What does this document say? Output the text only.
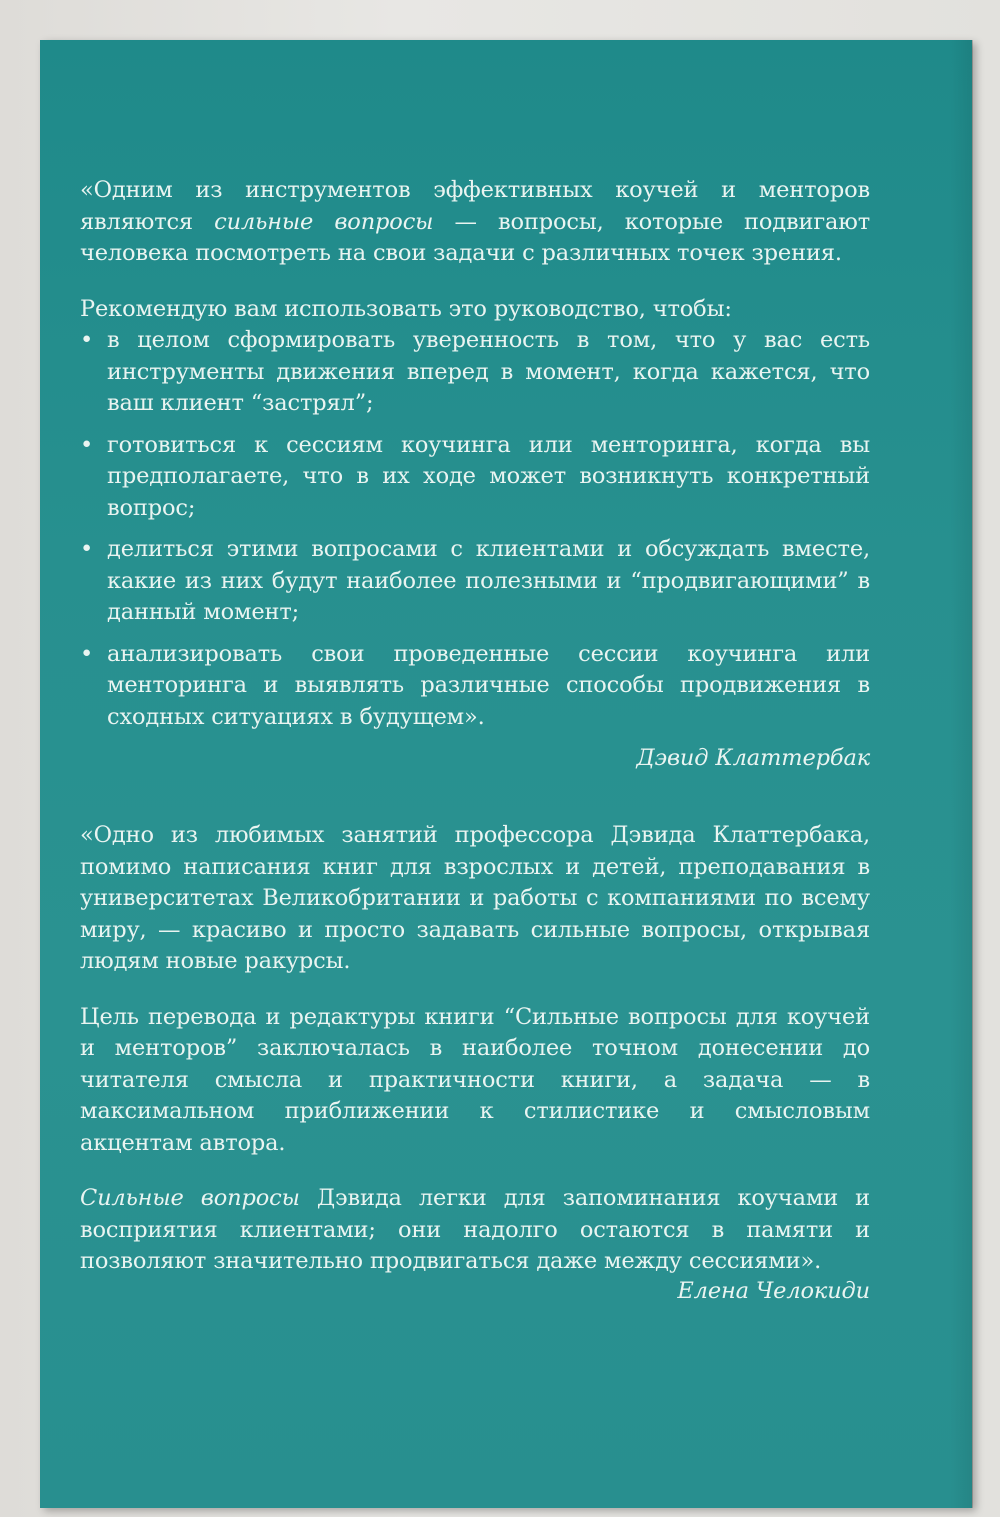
«Одним из инструментов эффективных коучей и менторов являются сильные вопросы — вопросы, которые подвигают человека посмотреть на свои задачи с различных точек зрения.

Рекомендую вам использовать это руководство, чтобы:

• в целом сформировать уверенность в том, что у вас есть инструменты движения вперед в момент, когда кажется, что ваш клиент “застрял”;
• готовиться к сессиям коучинга или менторинга, когда вы предполагаете, что в их ходе может возникнуть конкретный вопрос;
• делиться этими вопросами с клиентами и обсуждать вместе, какие из них будут наиболее полезными и “продвигающими” в данный момент;
• анализировать свои проведенные сессии коучинга или менторинга и выявлять различные способы продвижения в сходных ситуациях в будущем».
Дэвид Клаттербак

«Одно из любимых занятий профессора Дэвида Клаттербака, помимо написания книг для взрослых и детей, преподавания в университетах Великобритании и работы с компаниями по всему миру, — красиво и просто задавать сильные вопросы, открывая людям новые ракурсы.

Цель перевода и редактуры книги “Сильные вопросы для коучей и менторов” заключалась в наиболее точном донесении до читателя смысла и практичности книги, а задача — в максимальном приближении к стилистике и смысловым акцентам автора.

Сильные вопросы Дэвида легки для запоминания коучами и восприятия клиентами; они надолго остаются в памяти и позволяют значительно продвигаться даже между сессиями».

Елена Челокиди
